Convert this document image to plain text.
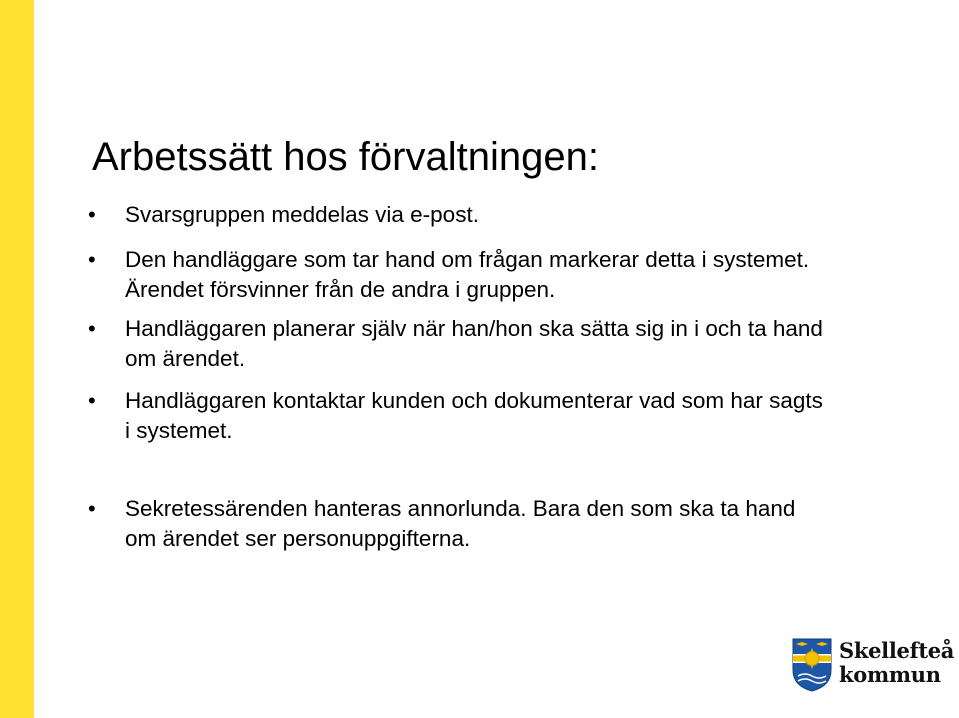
Arbetssätt hos förvaltningen:
• Svarsgruppen meddelas via e-post.
• Den handläggare som tar hand om frågan markerar detta i systemet.
Ärendet försvinner från de andra i gruppen.
• Handläggaren planerar själv när han/hon ska sätta sig in i och ta hand
om ärendet.
• Handläggaren kontaktar kunden och dokumenterar vad som har sagts
i systemet.
• Sekretessärenden hanteras annorlunda. Bara den som ska ta hand
om ärendet ser personuppgifterna.
Skellefteå
kommun
